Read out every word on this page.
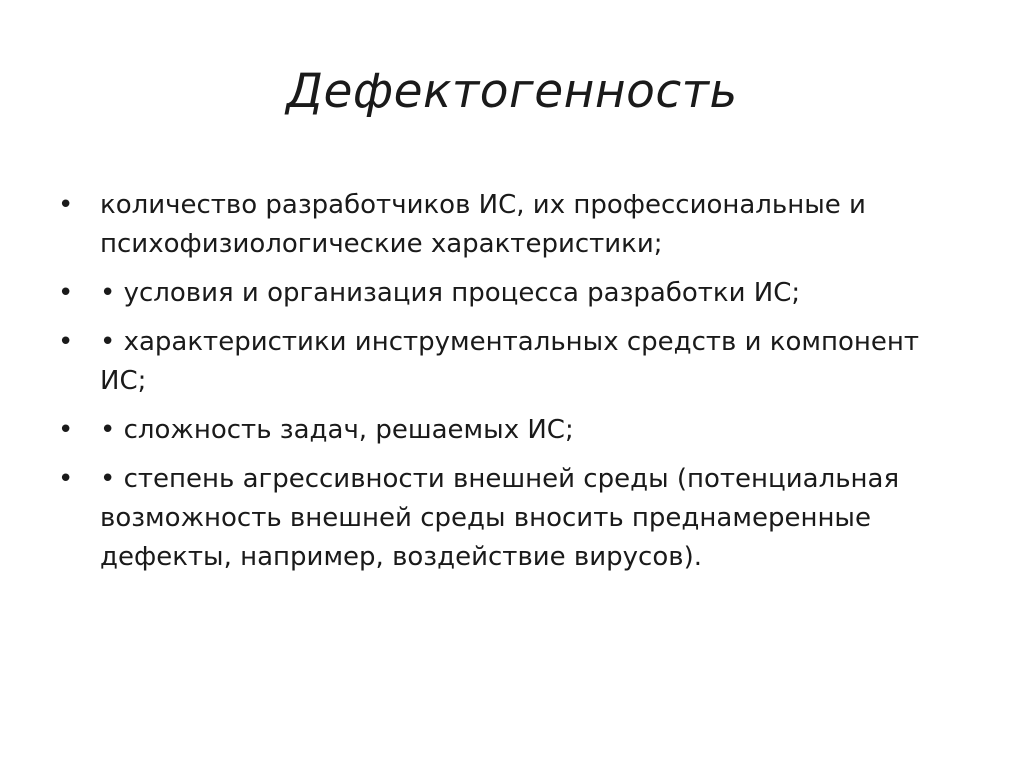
Дефектогенность
•	количество разработчиков ИС, их профессиональные и психофизиологические характеристики;
•	• условия и организация процесса разработки ИС;
•	• характеристики инструментальных средств и компонент ИС;
•	• сложность задач, решаемых ИС;
•	• степень агрессивности внешней среды (потенциальная возможность внешней среды вносить преднамеренные дефекты, например, воздействие вирусов).
